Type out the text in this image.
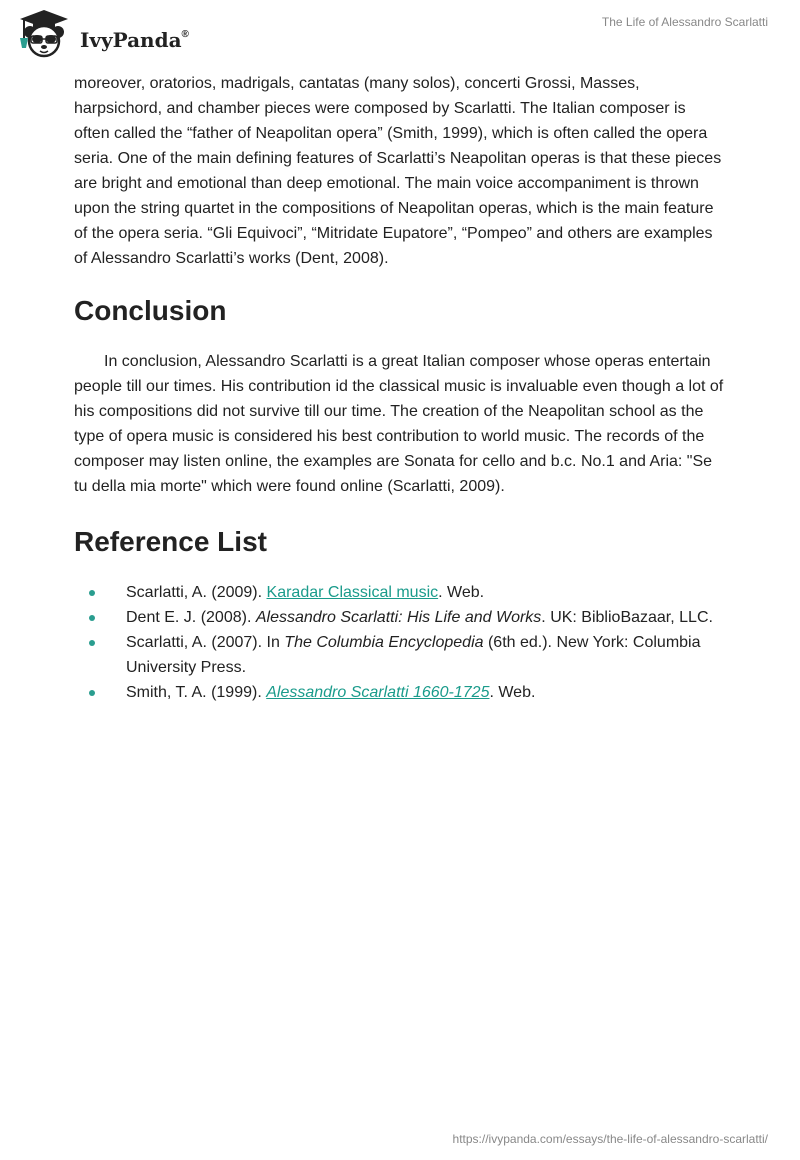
IvyPanda®
The Life of Alessandro Scarlatti

moreover, oratorios, madrigals, cantatas (many solos), concerti Grossi, Masses, harpsichord, and chamber pieces were composed by Scarlatti. The Italian composer is often called the “father of Neapolitan opera” (Smith, 1999), which is often called the opera seria. One of the main defining features of Scarlatti’s Neapolitan operas is that these pieces are bright and emotional than deep emotional. The main voice accompaniment is thrown upon the string quartet in the compositions of Neapolitan operas, which is the main feature of the opera seria. “Gli Equivoci”, “Mitridate Eupatore”, “Pompeo” and others are examples of Alessandro Scarlatti’s works (Dent, 2008).

Conclusion

In conclusion, Alessandro Scarlatti is a great Italian composer whose operas entertain people till our times. His contribution id the classical music is invaluable even though a lot of his compositions did not survive till our time. The creation of the Neapolitan school as the type of opera music is considered his best contribution to world music. The records of the composer may listen online, the examples are Sonata for cello and b.c. No.1 and Aria: "Se tu della mia morte" which were found online (Scarlatti, 2009).

Reference List
Scarlatti, A. (2009). Karadar Classical music. Web.
Dent E. J. (2008). Alessandro Scarlatti: His Life and Works. UK: BiblioBazaar, LLC.
Scarlatti, A. (2007). In The Columbia Encyclopedia (6th ed.). New York: Columbia University Press.
Smith, T. A. (1999). Alessandro Scarlatti 1660-1725. Web.
https://ivypanda.com/essays/the-life-of-alessandro-scarlatti/
